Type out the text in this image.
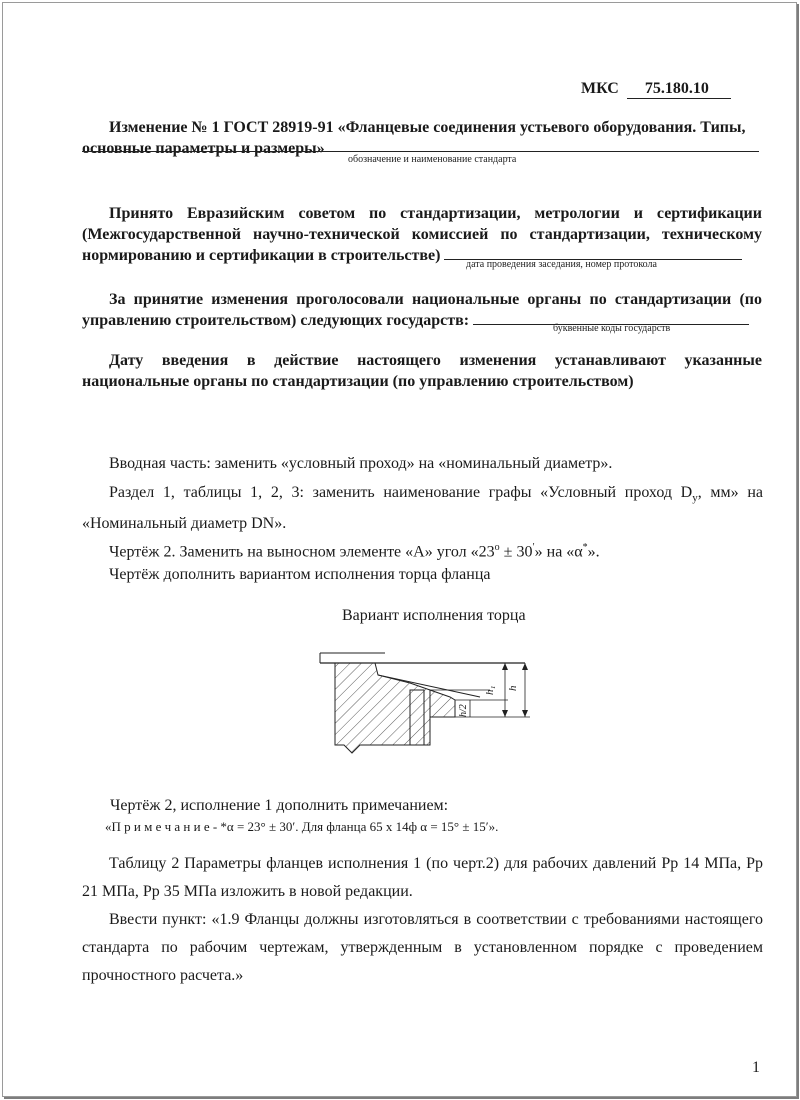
МКС 75.180.10
Изменение № 1 ГОСТ 28919-91 «Фланцевые соединения устьевого оборудования. Типы, основные параметры и размеры»
обозначение и наименование стандарта
Принято Евразийским советом по стандартизации, метрологии и сертификации (Межгосударственной научно-технической комиссией по стандартизации, техническому нормированию и сертификации в строительстве)
дата проведения заседания, номер протокола
За принятие изменения проголосовали национальные органы по стандартизации (по управлению строительством) следующих государств:	буквенные коды государств
Дату введения в действие настоящего изменения устанавливают указанные национальные органы по стандартизации (по управлению строительством)
Вводная часть: заменить «условный проход» на «номинальный диаметр».
Раздел 1, таблицы 1, 2, 3: заменить наименование графы «Условный проход $D_у$, мм» на «Номинальный диаметр DN».
Чертёж 2. Заменить на выносном элементе «А» угол «$23^o \pm 30'$» на «α*».
Чертёж дополнить вариантом исполнения торца фланца
Вариант исполнения торца
h₁ h
h/2
Чертёж 2, исполнение 1 дополнить примечанием:
«П р и м е ч а н и е - *α = 23° ± 30′. Для фланца 65 х 14ф α = 15° ± 15′».
Таблицу 2 Параметры фланцев исполнения 1 (по черт.2) для рабочих давлений Рр 14 МПа, Рр 21 МПа, Рр 35 МПа изложить в новой редакции.
Ввести пункт: «1.9 Фланцы должны изготовляться в соответствии с требованиями настоящего стандарта по рабочим чертежам, утвержденным в установленном порядке с проведением прочностного расчета.»
1
